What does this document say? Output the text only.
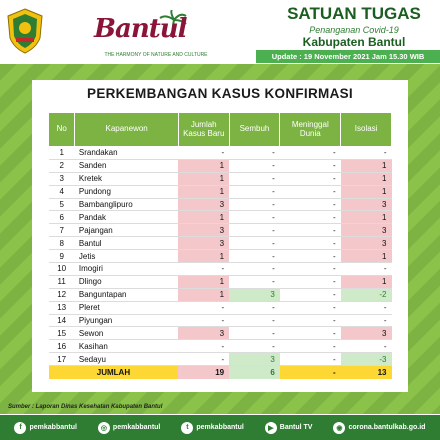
Bantul
THE HARMONY OF NATURE AND CULTURE
SATUAN TUGAS
Penanganan Covid-19
Kabupaten Bantul
Update : 19 November 2021 Jam 15.30 WIB
PERKEMBANGAN KASUS KONFIRMASI
No	Kapanewon	Jumlah Kasus Baru	Sembuh	Meninggal Dunia	Isolasi
1	Srandakan	-	-	-	-
2	Sanden	1	-	-	1
3	Kretek	1	-	-	1
4	Pundong	1	-	-	1
5	Bambanglipuro	3	-	-	3
6	Pandak	1	-	-	1
7	Pajangan	3	-	-	3
8	Bantul	3	-	-	3
9	Jetis	1	-	-	1
10	Imogiri	-	-	-	-
11	Dlingo	1	-	-	1
12	Banguntapan	1	3	-	-2
13	Pleret	-	-	-	-
14	Piyungan	-	-	-	-
15	Sewon	3	-	-	3
16	Kasihan	-	-	-	-
17	Sedayu	-	3	-	-3
JUMLAH		19	6	-	13
Sumber : Laporan Dinas Kesehatan Kabupaten Bantul
f	pemkabbantul	◎ pemkabbantul	t	pemkabbantul	▶ Bantul TV	◉ corona.bantulkab.go.id
